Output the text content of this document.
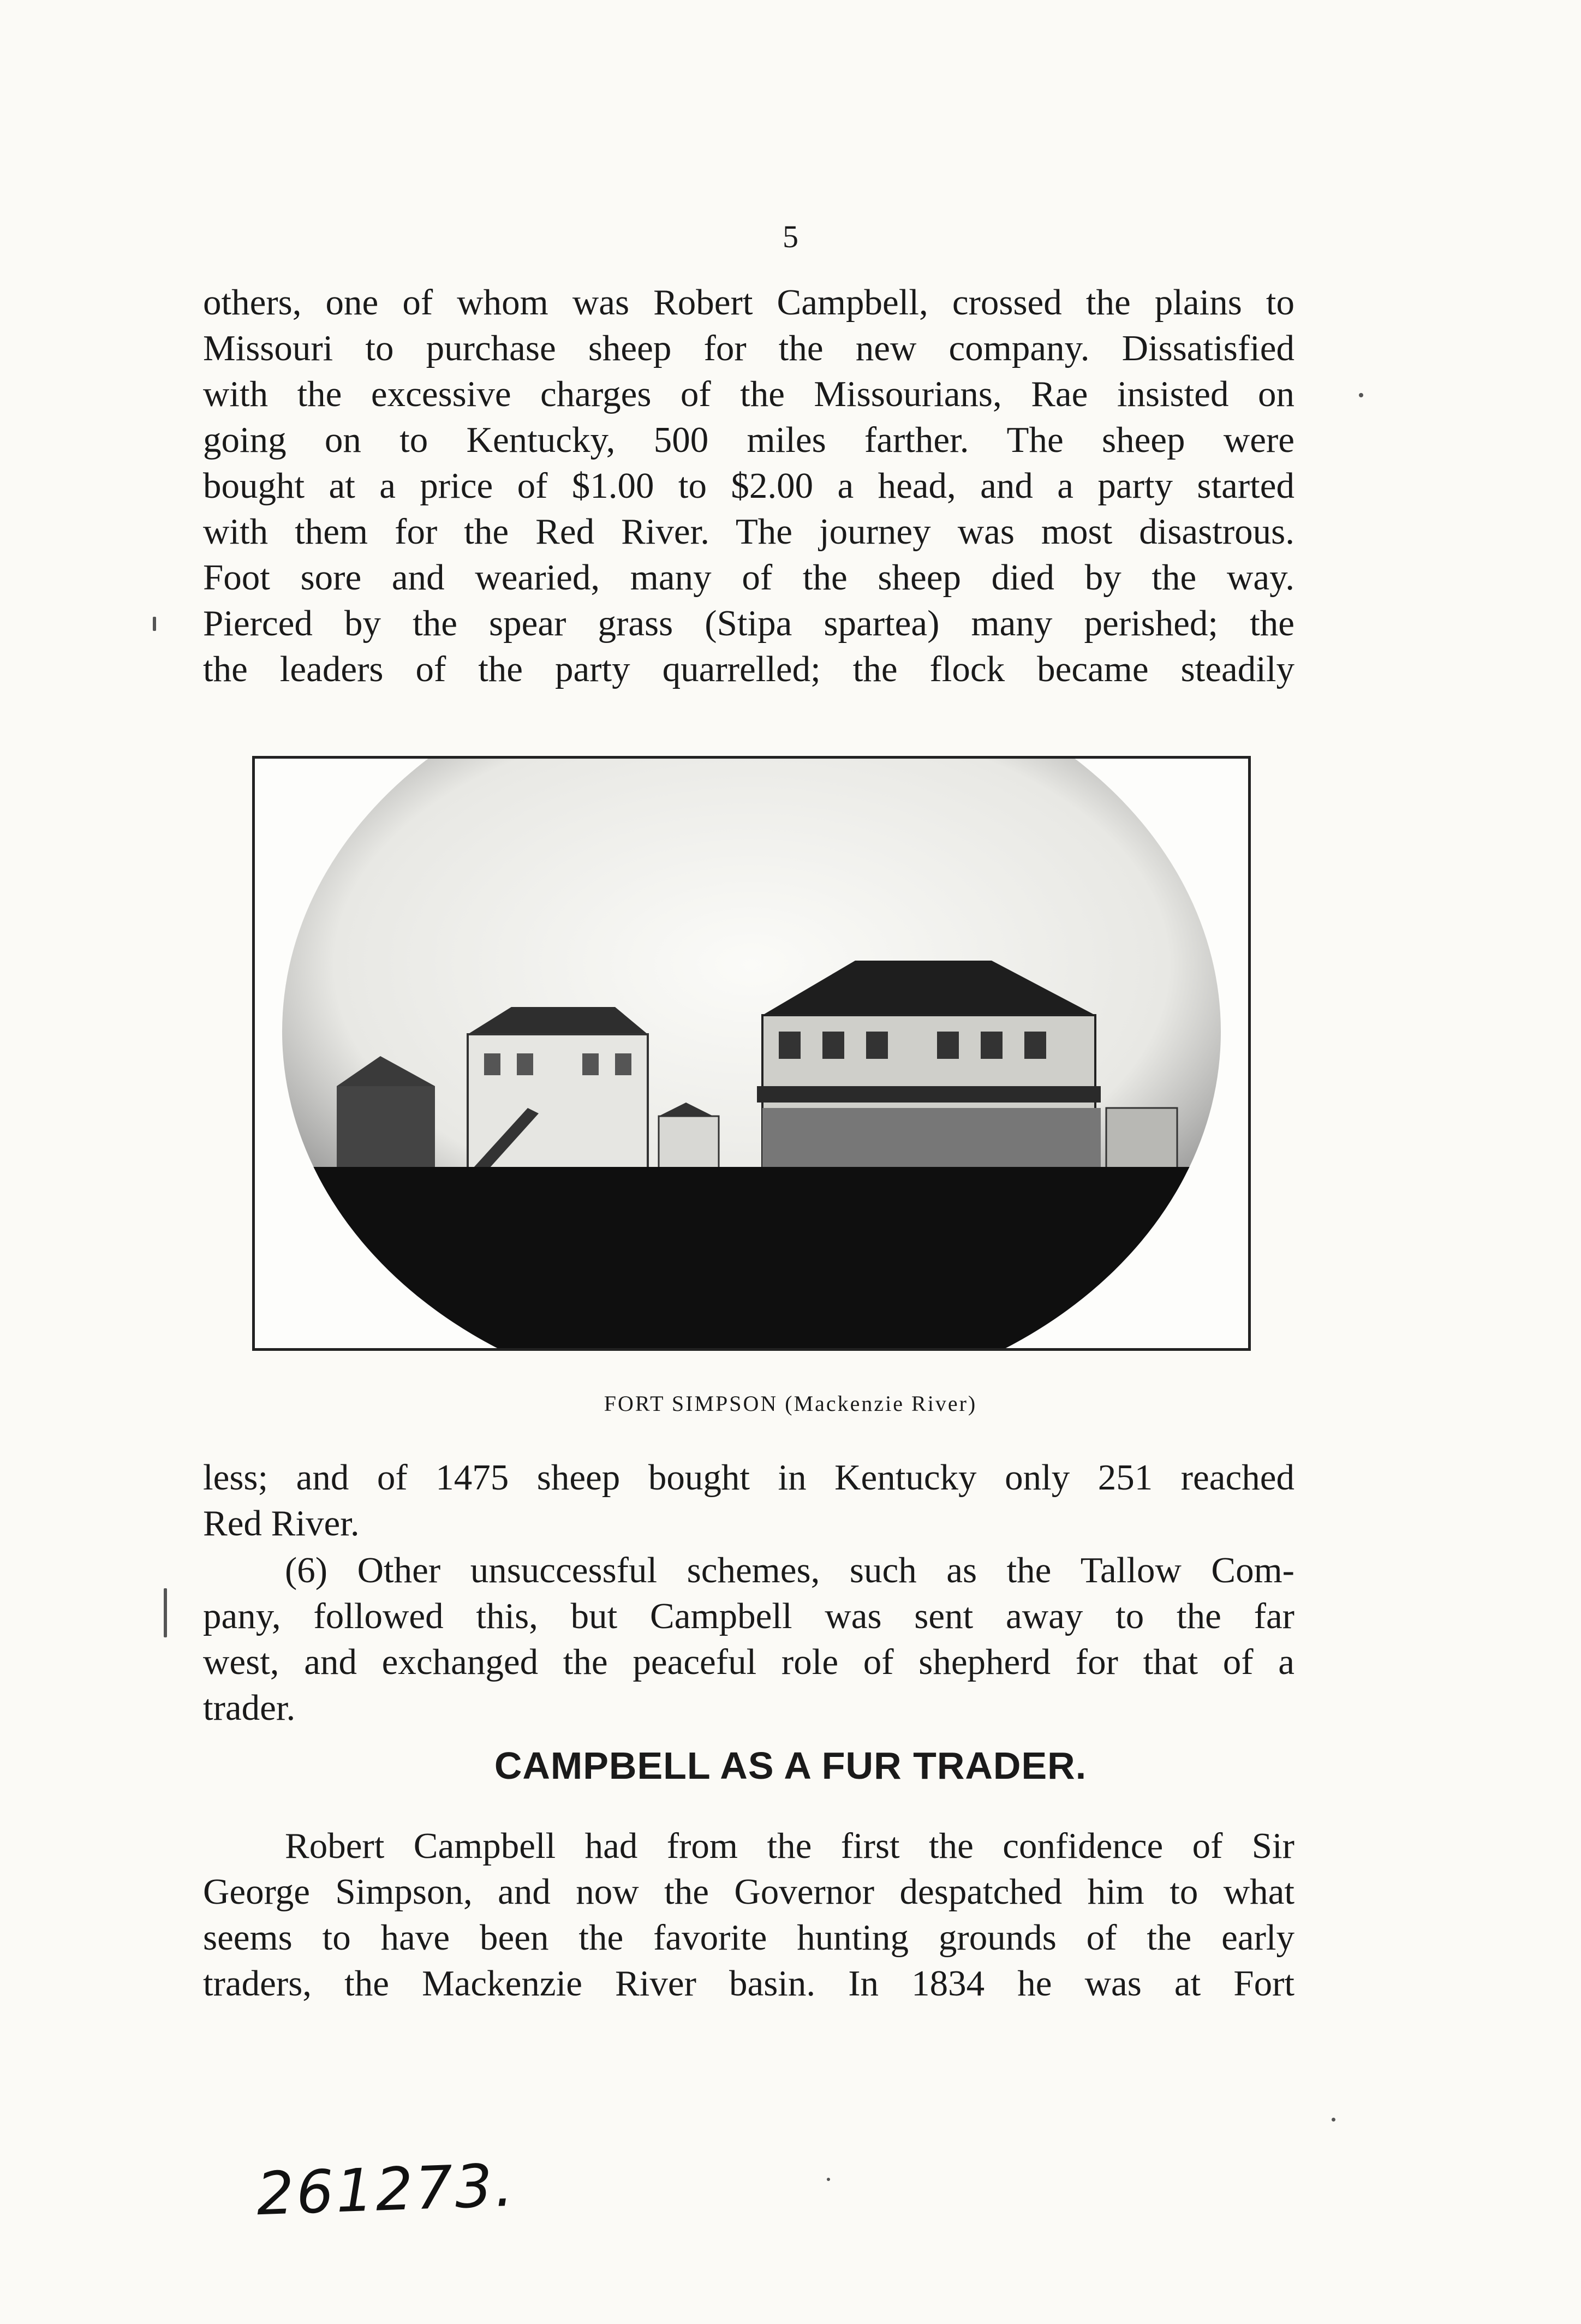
5

others, one of whom was Robert Campbell, crossed the plains to
Missouri to purchase sheep for the new company. Dissatisfied
with the excessive charges of the Missourians, Rae insisted on
going on to Kentucky, 500 miles farther. The sheep were
bought at a price of $1.00 to $2.00 a head, and a party started
with them for the Red River. The journey was most disastrous.
Foot sore and wearied, many of the sheep died by the way.
Pierced by the spear grass (Stipa spartea) many perished; the
the leaders of the party quarrelled; the flock became steadily

FORT SIMPSON (Mackenzie River)

less; and of 1475 sheep bought in Kentucky only 251 reached
Red River.

(6) Other unsuccessful schemes, such as the Tallow Com-
pany, followed this, but Campbell was sent away to the far
west, and exchanged the peaceful role of shepherd for that of a
trader.

CAMPBELL AS A FUR TRADER.

Robert Campbell had from the first the confidence of Sir
George Simpson, and now the Governor despatched him to what
seems to have been the favorite hunting grounds of the early
traders, the Mackenzie River basin. In 1834 he was at Fort

261273.
